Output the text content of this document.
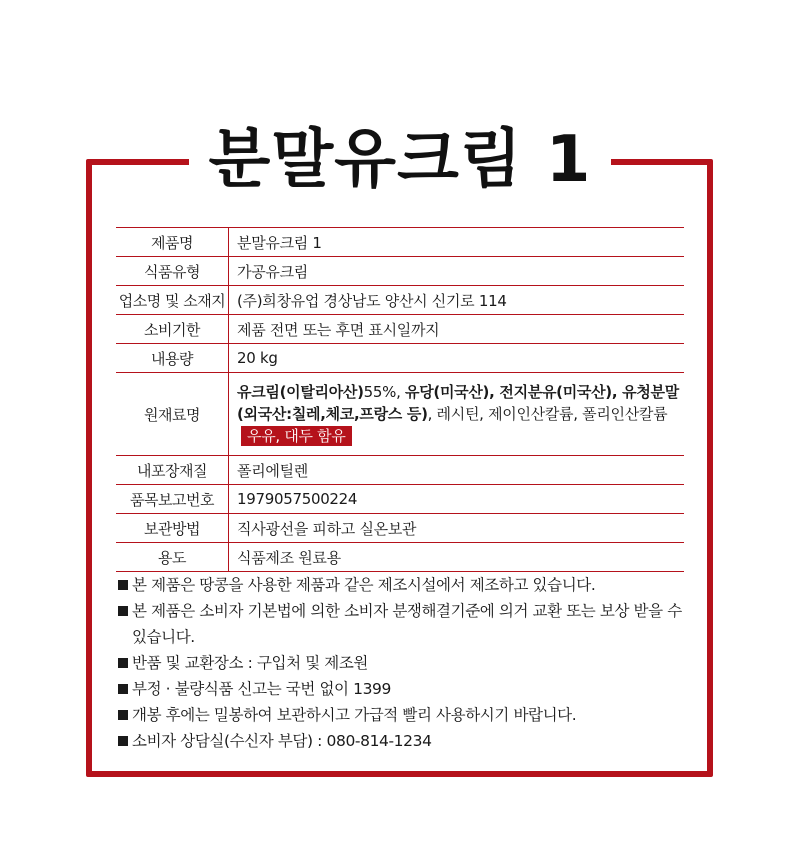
분말유크림 1
제품명	분말유크림 1
식품유형	가공유크림
업소명 및 소재지	(주)희창유업 경상남도 양산시 신기로 114
소비기한	제품 전면 또는 후면 표시일까지
내용량	20 kg
원재료명	유크림(이탈리아산)55%, 유당(미국산), 전지분유(미국산), 유청분말(외국산:칠레,체코,프랑스 등), 레시틴, 제이인산칼륨, 폴리인산칼륨우유, 대두 함유
내포장재질	폴리에틸렌
품목보고번호	1979057500224
보관방법	직사광선을 피하고 실온보관
용도	식품제조 원료용
본 제품은 땅콩을 사용한 제품과 같은 제조시설에서 제조하고 있습니다.
본 제품은 소비자 기본법에 의한 소비자 분쟁해결기준에 의거 교환 또는 보상 받을 수 있습니다.
반품 및 교환장소 : 구입처 및 제조원
부정 · 불량식품 신고는 국번 없이 1399
개봉 후에는 밀봉하여 보관하시고 가급적 빨리 사용하시기 바랍니다.
소비자 상담실(수신자 부담) : 080-814-1234
